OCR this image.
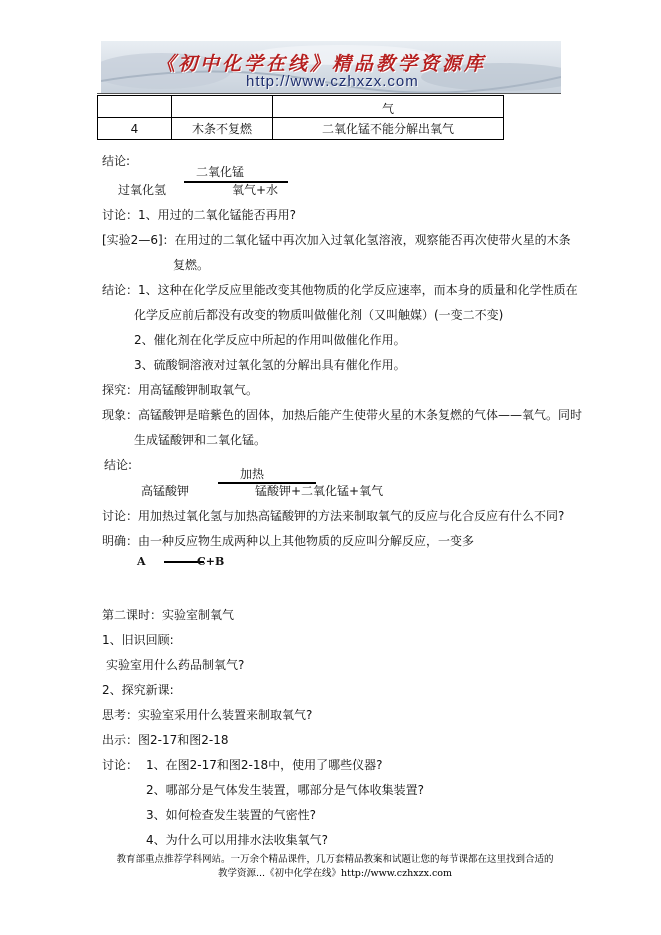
《初中化学在线》精品教学资源库
http://www.czhxzx.com
		气
4	木条不复燃	二氧化锰不能分解出氧气
结论:
二氧化锰
过氧化氢	氧气+水
讨论：1、用过的二氧化锰能否再用?
[实验2—6]：在用过的二氧化锰中再次加入过氧化氢溶液，观察能否再次使带火星的木条
复燃。
结论：1、这种在化学反应里能改变其他物质的化学反应速率，而本身的质量和化学性质在
化学反应前后都没有改变的物质叫做催化剂（又叫触媒）(一变二不变)
2、催化剂在化学反应中所起的作用叫做催化作用。
3、硫酸铜溶液对过氧化氢的分解出具有催化作用。
探究：用高锰酸钾制取氧气。
现象：高锰酸钾是暗紫色的固体，加热后能产生使带火星的木条复燃的气体——氧气。同时
生成锰酸钾和二氧化锰。
结论:
加热
高锰酸钾	锰酸钾+二氧化锰+氧气
讨论：用加热过氧化氢与加热高锰酸钾的方法来制取氧气的反应与化合反应有什么不同?
明确：由一种反应物生成两种以上其他物质的反应叫分解反应，一变多
A	C+B
第二课时：实验室制氧气
1、旧识回顾:
实验室用什么药品制氧气?
2、探究新课:
思考：实验室采用什么装置来制取氧气?
出示：图2-17和图2-18
讨论： 1、在图2-17和图2-18中，使用了哪些仪器?
2、哪部分是气体发生装置，哪部分是气体收集装置?
3、如何检查发生装置的气密性?
4、为什么可以用排水法收集氧气?
教育部重点推荐学科网站。一万余个精品课件，几万套精品教案和试题让您的每节课都在这里找到合适的
教学资源...《初中化学在线》http://www.czhxzx.com
